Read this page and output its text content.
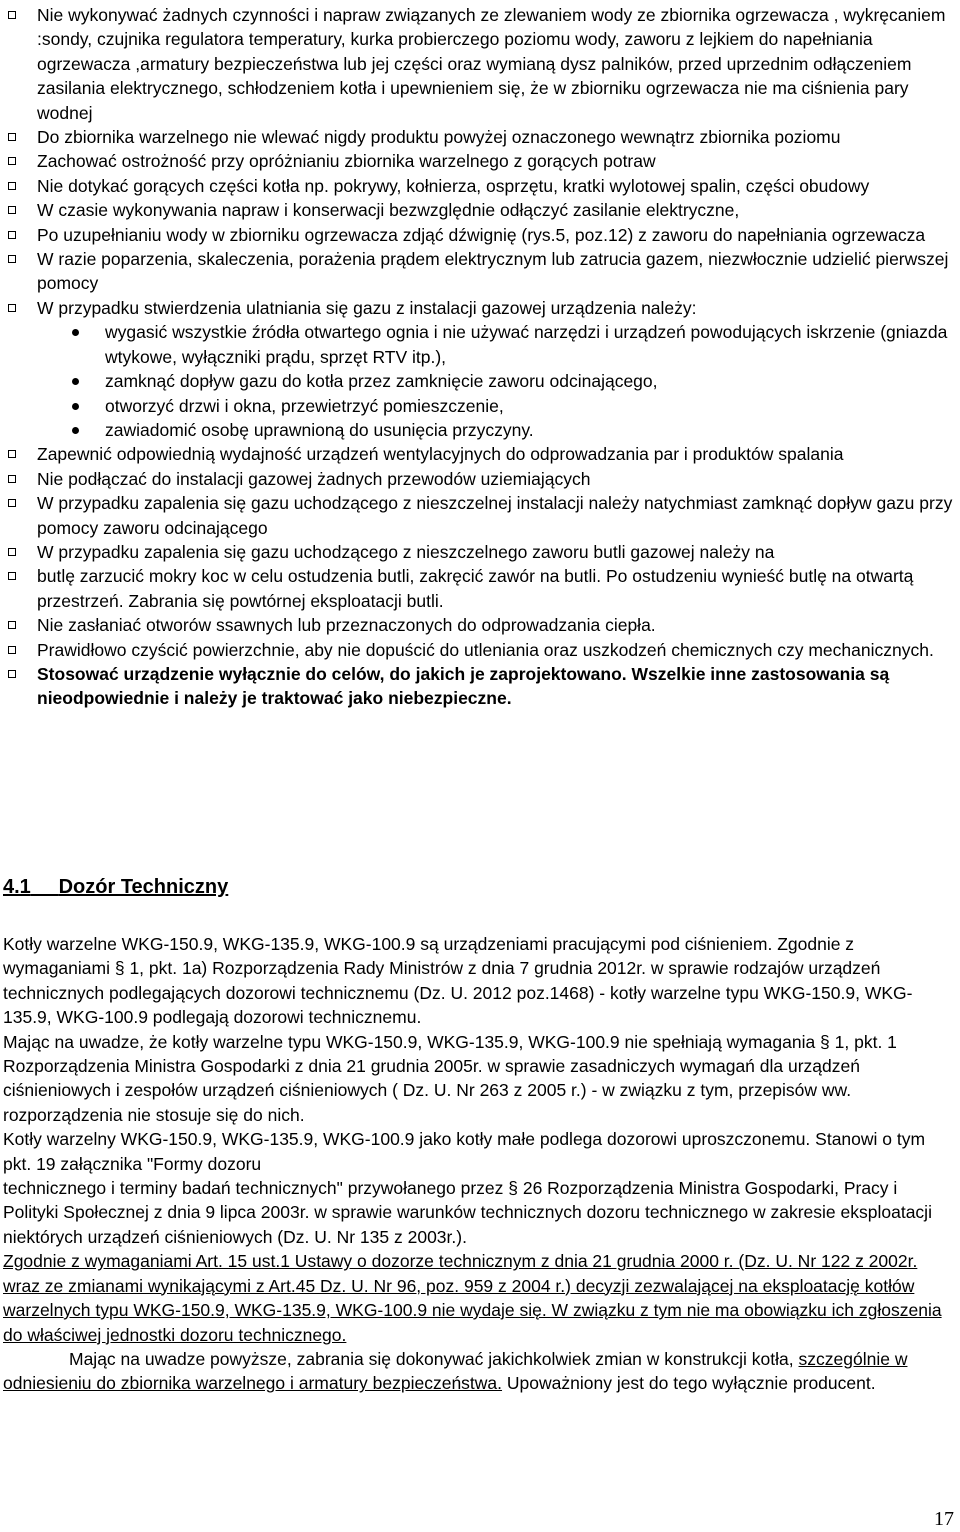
Nie wykonywać żadnych czynności i napraw związanych ze zlewaniem wody ze zbiornika ogrzewacza , wykręcaniem :sondy, czujnika regulatora temperatury, kurka probierczego poziomu wody, zaworu z lejkiem do napełniania ogrzewacza ,armatury bezpieczeństwa lub jej części oraz wymianą dysz palników, przed uprzednim odłączeniem zasilania elektrycznego, schłodzeniem kotła i upewnieniem się, że w zbiorniku ogrzewacza nie ma ciśnienia pary wodnej
Do zbiornika warzelnego nie wlewać nigdy produktu powyżej oznaczonego wewnątrz zbiornika poziomu
Zachować ostrożność przy opróżnianiu zbiornika warzelnego z gorących potraw
Nie dotykać gorących części kotła np. pokrywy, kołnierza, osprzętu, kratki wylotowej spalin, części obudowy
W czasie wykonywania napraw i konserwacji bezwzględnie odłączyć zasilanie elektryczne,
Po uzupełnianiu wody w zbiorniku ogrzewacza zdjąć dźwignię (rys.5, poz.12) z zaworu do napełniania ogrzewacza
W razie poparzenia, skaleczenia, porażenia prądem elektrycznym lub zatrucia gazem, niezwłocznie udzielić pierwszej pomocy
W przypadku stwierdzenia ulatniania się gazu z instalacji gazowej urządzenia należy:
wygasić wszystkie źródła otwartego ognia i nie używać narzędzi i urządzeń powodujących iskrzenie (gniazda wtykowe, wyłączniki prądu, sprzęt RTV itp.),
zamknąć dopływ gazu do kotła przez zamknięcie zaworu odcinającego,
otworzyć drzwi i okna, przewietrzyć pomieszczenie,
zawiadomić osobę uprawnioną do usunięcia przyczyny.
Zapewnić odpowiednią wydajność urządzeń wentylacyjnych do odprowadzania par i produktów spalania
Nie podłączać do instalacji gazowej żadnych przewodów uziemiających
W przypadku zapalenia się gazu uchodzącego z nieszczelnej instalacji należy natychmiast zamknąć dopływ gazu przy pomocy zaworu odcinającego
W przypadku zapalenia się gazu uchodzącego z nieszczelnego zaworu butli gazowej należy na
butlę zarzucić mokry koc w celu ostudzenia butli, zakręcić zawór na butli. Po ostudzeniu wynieść butlę na otwartą przestrzeń. Zabrania się powtórnej eksploatacji butli.
Nie zasłaniać otworów ssawnych lub przeznaczonych do odprowadzania ciepła.
Prawidłowo czyścić powierzchnie, aby nie dopuścić do utleniania oraz uszkodzeń chemicznych czy mechanicznych.
Stosować urządzenie wyłącznie do celów, do jakich je zaprojektowano. Wszelkie inne zastosowania są nieodpowiednie i należy je traktować jako niebezpieczne.
4.1 Dozór Techniczny

Kotły warzelne WKG-150.9, WKG-135.9, WKG-100.9 są urządzeniami pracującymi pod ciśnieniem. Zgodnie z wymaganiami § 1, pkt. 1a) Rozporządzenia Rady Ministrów z dnia 7 grudnia 2012r. w sprawie rodzajów urządzeń technicznych podlegających dozorowi technicznemu (Dz. U. 2012 poz.1468) - kotły warzelne typu WKG-150.9, WKG-135.9, WKG-100.9 podlegają dozorowi technicznemu.

Mając na uwadze, że kotły warzelne typu WKG-150.9, WKG-135.9, WKG-100.9 nie spełniają wymagania § 1, pkt. 1 Rozporządzenia Ministra Gospodarki z dnia 21 grudnia 2005r. w sprawie zasadniczych wymagań dla urządzeń ciśnieniowych i zespołów urządzeń ciśnieniowych ( Dz. U. Nr 263 z 2005 r.) - w związku z tym, przepisów ww. rozporządzenia nie stosuje się do nich.

Kotły warzelny WKG-150.9, WKG-135.9, WKG-100.9 jako kotły małe podlega dozorowi uproszczonemu. Stanowi o tym pkt. 19 załącznika "Formy dozoru

technicznego i terminy badań technicznych" przywołanego przez § 26 Rozporządzenia Ministra Gospodarki, Pracy i Polityki Społecznej z dnia 9 lipca 2003r. w sprawie warunków technicznych dozoru technicznego w zakresie eksploatacji niektórych urządzeń ciśnieniowych (Dz. U. Nr 135 z 2003r.).

Zgodnie z wymaganiami Art. 15 ust.1 Ustawy o dozorze technicznym z dnia 21 grudnia 2000 r. (Dz. U. Nr 122 z 2002r. wraz ze zmianami wynikającymi z Art.45 Dz. U. Nr 96, poz. 959 z 2004 r.) decyzji zezwalającej na eksploatację kotłów warzelnych typu WKG-150.9, WKG-135.9, WKG-100.9 nie wydaje się. W związku z tym nie ma obowiązku ich zgłoszenia do właściwej jednostki dozoru technicznego.

Mając na uwadze powyższe, zabrania się dokonywać jakichkolwiek zmian w konstrukcji kotła, szczególnie w odniesieniu do zbiornika warzelnego i armatury bezpieczeństwa. Upoważniony jest do tego wyłącznie producent.

17
